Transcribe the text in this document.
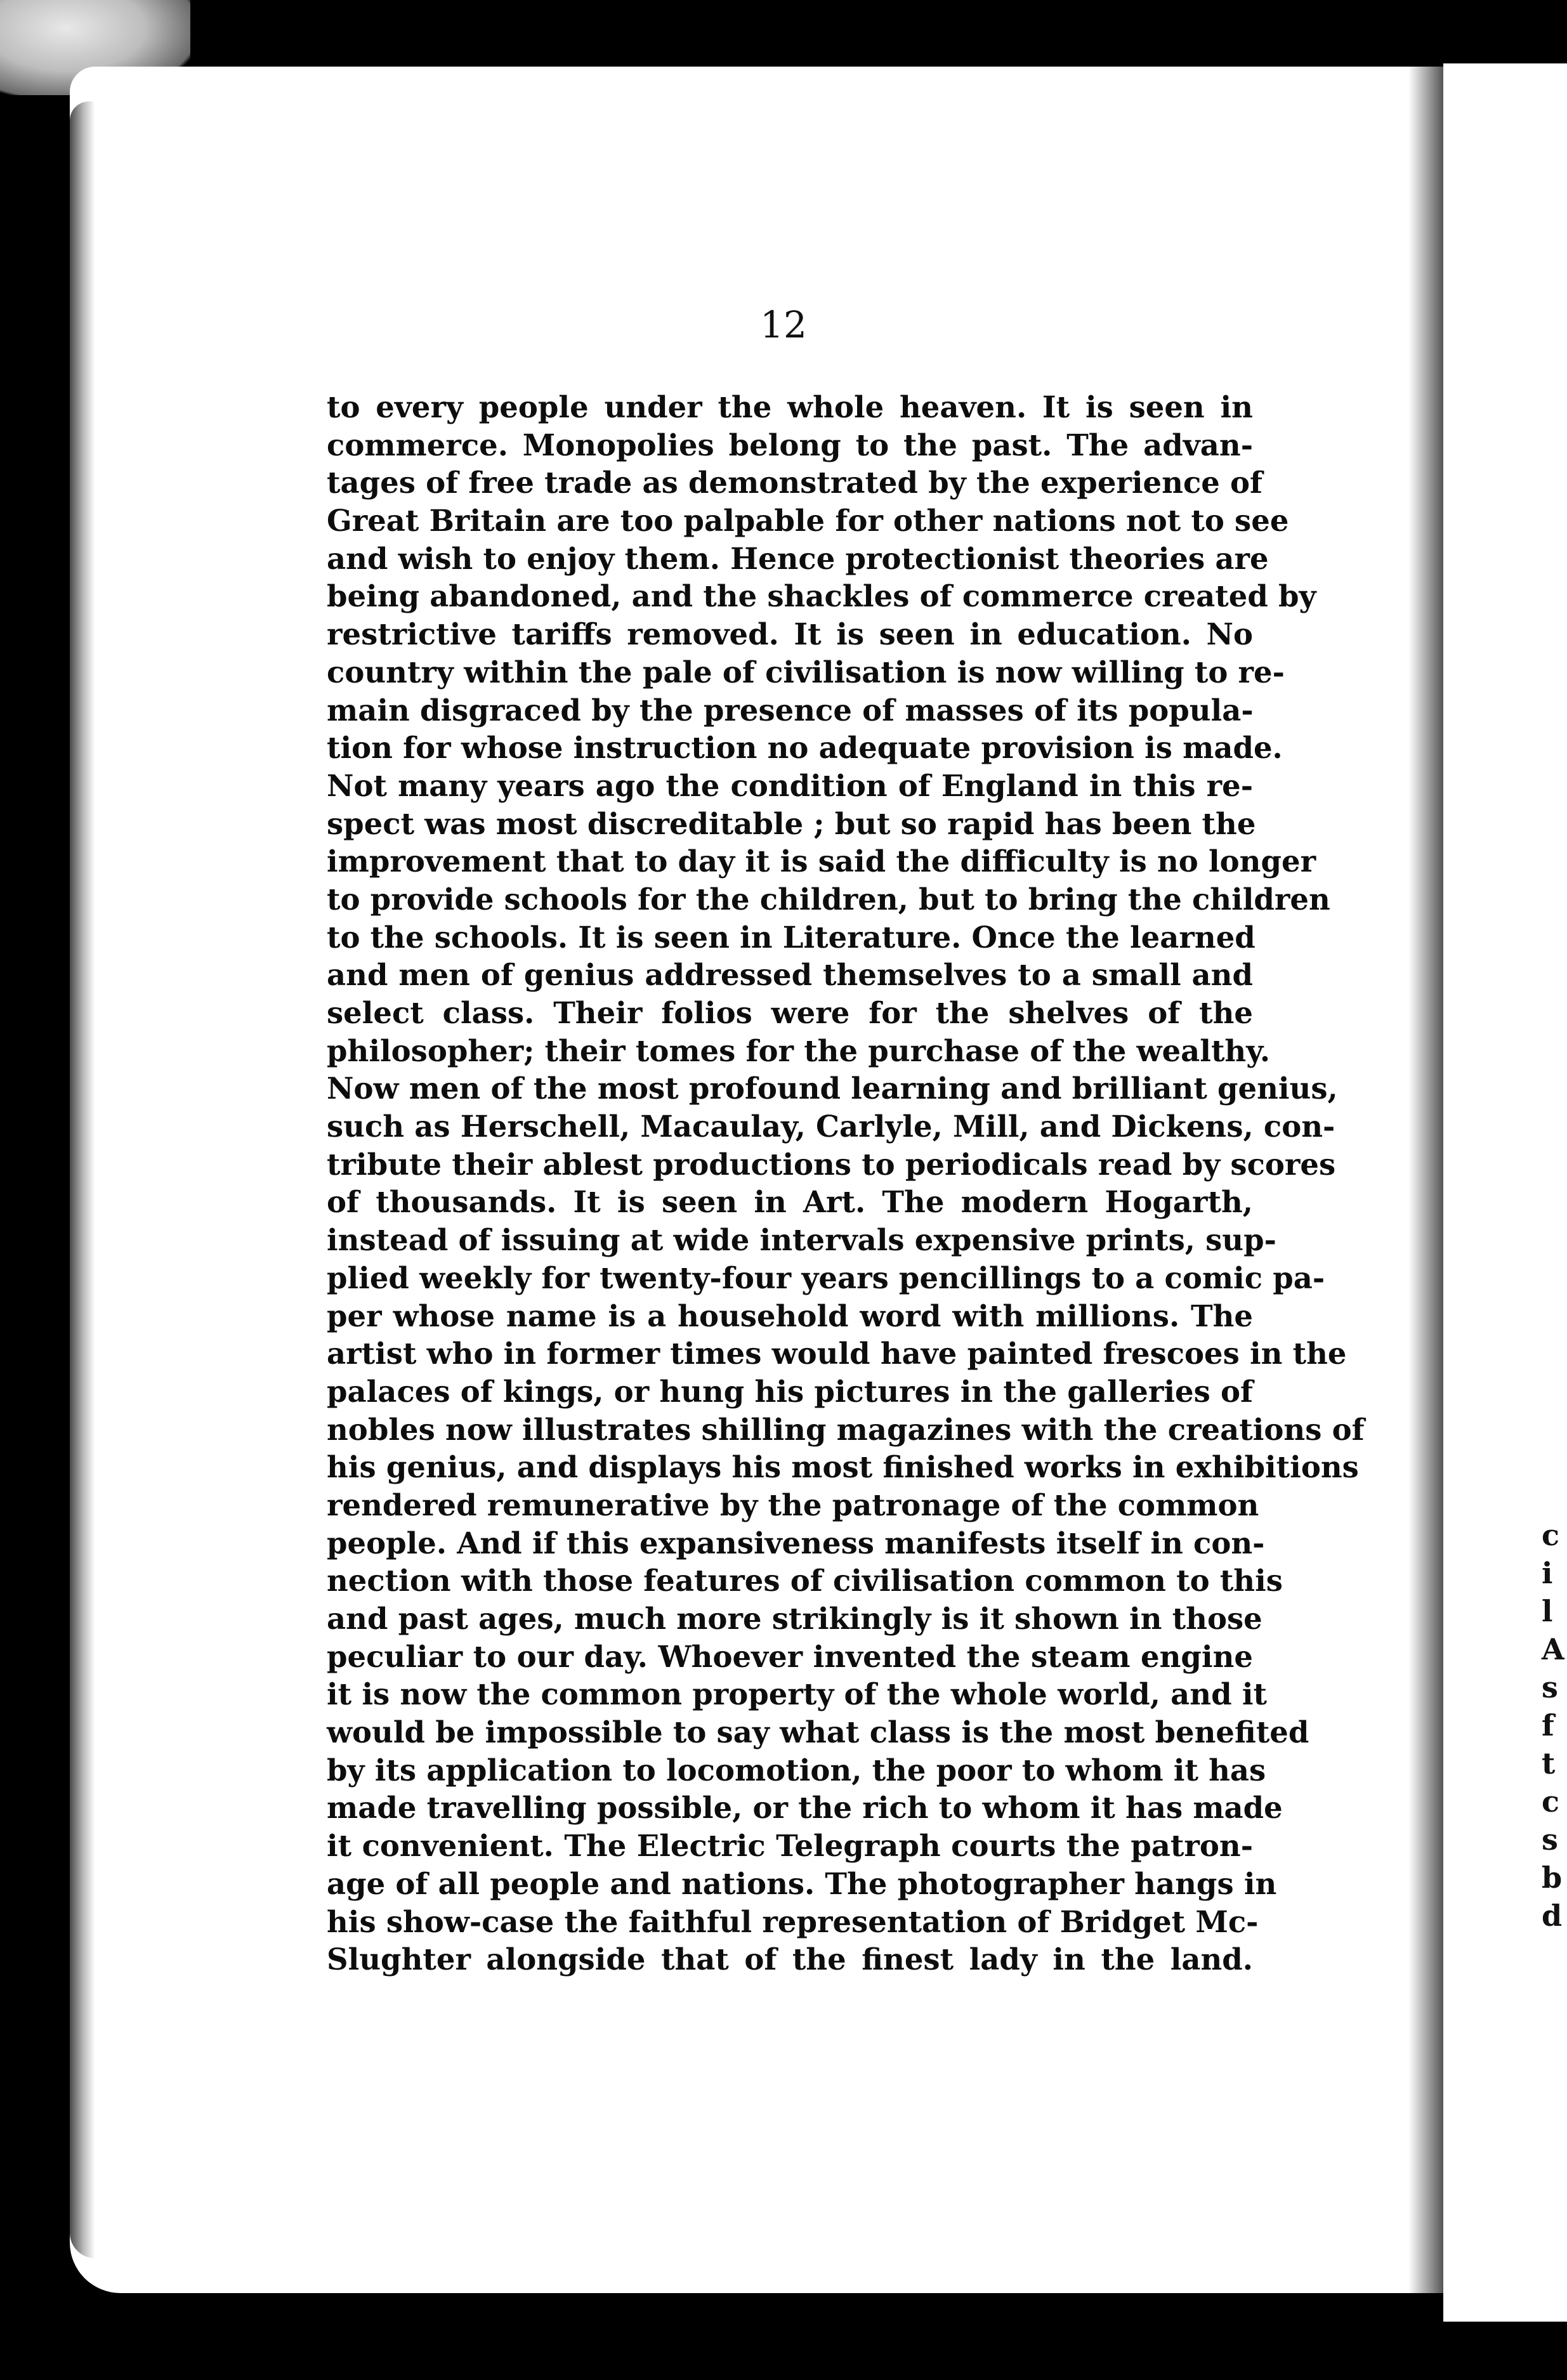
c
i
l
A
s
f
t
c
s
b
d
12
to every people under the whole heaven. It is seen in
commerce. Monopolies belong to the past. The advan-
tages of free trade as demonstrated by the experience of
Great Britain are too palpable for other nations not to see
and wish to enjoy them. Hence protectionist theories are
being abandoned, and the shackles of commerce created by
restrictive tariffs removed. It is seen in education. No
country within the pale of civilisation is now willing to re-
main disgraced by the presence of masses of its popula-
tion for whose instruction no adequate provision is made.
Not many years ago the condition of England in this re-
spect was most discreditable ; but so rapid has been the
improvement that to day it is said the difficulty is no longer
to provide schools for the children, but to bring the children
to the schools. It is seen in Literature. Once the learned
and men of genius addressed themselves to a small and
select class. Their folios were for the shelves of the
philosopher; their tomes for the purchase of the wealthy.
Now men of the most profound learning and brilliant genius,
such as Herschell, Macaulay, Carlyle, Mill, and Dickens, con-
tribute their ablest productions to periodicals read by scores
of thousands. It is seen in Art. The modern Hogarth,
instead of issuing at wide intervals expensive prints, sup-
plied weekly for twenty-four years pencillings to a comic pa-
per whose name is a household word with millions. The
artist who in former times would have painted frescoes in the
palaces of kings, or hung his pictures in the galleries of
nobles now illustrates shilling magazines with the creations of
his genius, and displays his most finished works in exhibitions
rendered remunerative by the patronage of the common
people. And if this expansiveness manifests itself in con-
nection with those features of civilisation common to this
and past ages, much more strikingly is it shown in those
peculiar to our day. Whoever invented the steam engine
it is now the common property of the whole world, and it
would be impossible to say what class is the most benefited
by its application to locomotion, the poor to whom it has
made travelling possible, or the rich to whom it has made
it convenient. The Electric Telegraph courts the patron-
age of all people and nations. The photographer hangs in
his show-case the faithful representation of Bridget Mc-
Slughter alongside that of the finest lady in the land.
